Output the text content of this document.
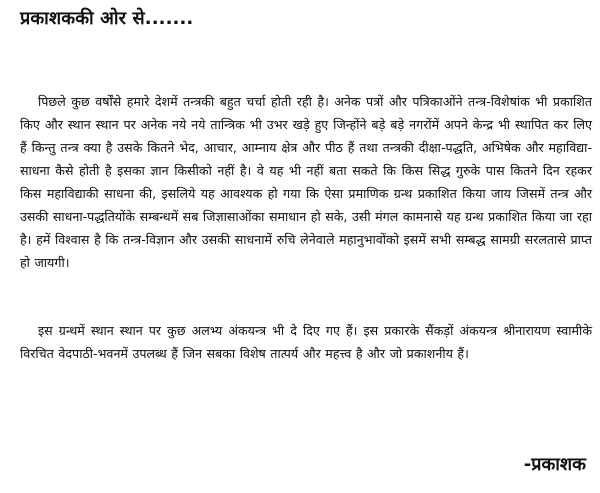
प्रकाशककी ओर से.......

पिछले कुछ वर्षोंसे हमारे देशमें तन्त्रकी बहुत चर्चा होती रही है। अनेक पत्रों और पत्रिकाओंने तन्त्र-विशेषांक भी प्रकाशित किए और स्थान स्थान पर अनेक नये नये तान्त्रिक भी उभर खड़े हुए जिन्होंने बड़े बड़े नगरोंमें अपने केन्द्र भी स्थापित कर लिए हैं किन्तु तन्त्र क्या है उसके कितने भेद, आचार, आम्नाय क्षेत्र और पीठ हैं तथा तन्त्रकी दीक्षा-पद्धति, अभिषेक और महाविद्या-साधना कैसे होती है इसका ज्ञान किसीको नहीं है। वे यह भी नहीं बता सकते कि किस सिद्ध गुरुके पास कितने दिन रहकर किस महाविद्याकी साधना की, इसलिये यह आवश्यक हो गया कि ऐसा प्रमाणिक ग्रन्थ प्रकाशित किया जाय जिसमें तन्त्र और उसकी साधना-पद्धतियोंके सम्बन्धमें सब जिज्ञासाओंका समाधान हो सके, उसी मंगल कामनासे यह ग्रन्थ प्रकाशित किया जा रहा है। हमें विश्वास है कि तन्त्र-विज्ञान और उसकी साधनामें रुचि लेनेवाले महानुभावोंको इसमें सभी सम्बद्ध सामग्री सरलतासे प्राप्त हो जायगी।

इस ग्रन्थमें स्थान स्थान पर कुछ अलभ्य अंकयन्त्र भी दे दिए गए हैं। इस प्रकारके सैंकड़ों अंकयन्त्र श्रीनारायण स्वामीके विरचित वेदपाठी-भवनमें उपलब्ध हैं जिन सबका विशेष तात्पर्य और महत्त्व है और जो प्रकाशनीय हैं।

-प्रकाशक
